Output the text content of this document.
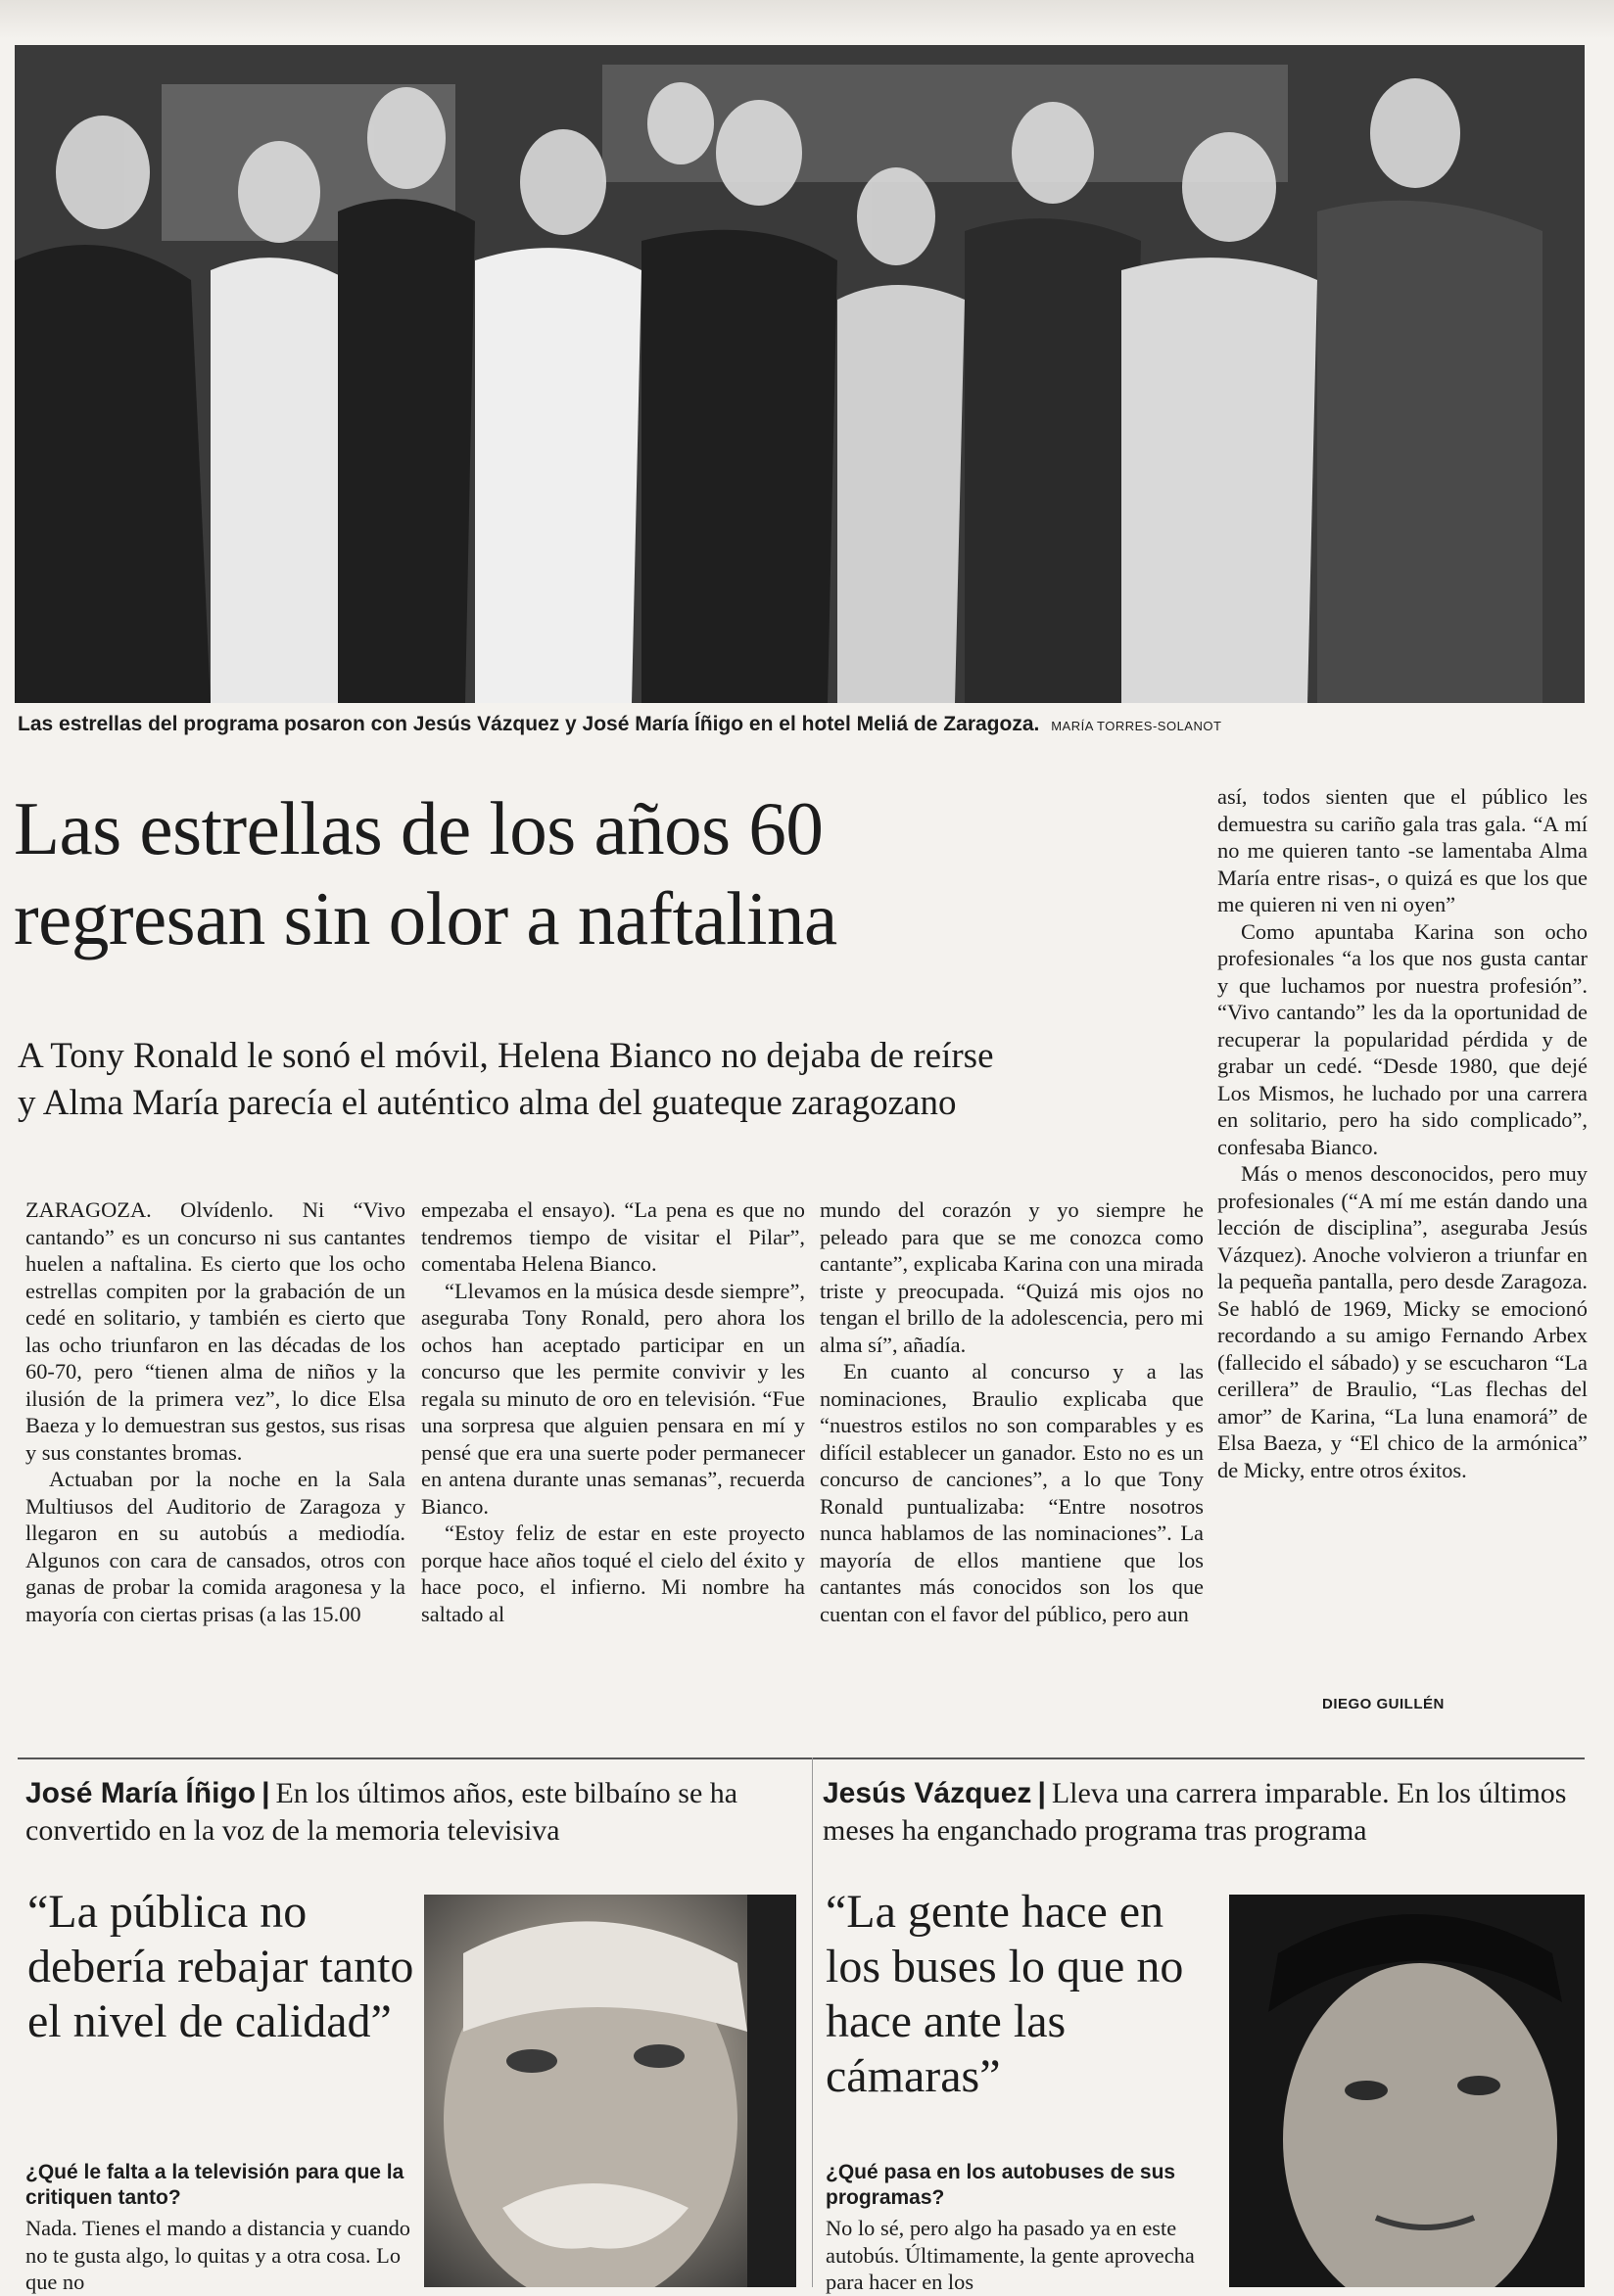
Las estrellas del programa posaron con Jesús Vázquez y José María Íñigo en el hotel Meliá de Zaragoza. MARÍA TORRES-SOLANOT
Las estrellas de los años 60
regresan sin olor a naftalina
A Tony Ronald le sonó el móvil, Helena Bianco no dejaba de reírse
y Alma María parecía el auténtico alma del guateque zaragozano

ZARAGOZA. Olvídenlo. Ni “Vivo cantando” es un concurso ni sus cantantes huelen a naftalina. Es cierto que los ocho estrellas compiten por la grabación de un cedé en solitario, y también es cierto que las ocho triunfaron en las décadas de los 60-70, pero “tienen alma de niños y la ilusión de la primera vez”, lo dice Elsa Baeza y lo demuestran sus gestos, sus risas y sus constantes bromas.

Actuaban por la noche en la Sala Multiusos del Auditorio de Zaragoza y llegaron en su autobús a mediodía. Algunos con cara de cansados, otros con ganas de probar la comida aragonesa y la mayoría con ciertas prisas (a las 15.00

empezaba el ensayo). “La pena es que no tendremos tiempo de visitar el Pilar”, comentaba Helena Bianco.

“Llevamos en la música desde siempre”, aseguraba Tony Ronald, pero ahora los ochos han aceptado participar en un concurso que les permite convivir y les regala su minuto de oro en televisión. “Fue una sorpresa que alguien pensara en mí y pensé que era una suerte poder permanecer en antena durante unas semanas”, recuerda Bianco.

“Estoy feliz de estar en este proyecto porque hace años toqué el cielo del éxito y hace poco, el infierno. Mi nombre ha saltado al

mundo del corazón y yo siempre he peleado para que se me conozca como cantante”, explicaba Karina con una mirada triste y preocupada. “Quizá mis ojos no tengan el brillo de la adolescencia, pero mi alma sí”, añadía.

En cuanto al concurso y a las nominaciones, Braulio explicaba que “nuestros estilos no son comparables y es difícil establecer un ganador. Esto no es un concurso de canciones”, a lo que Tony Ronald puntualizaba: “Entre nosotros nunca hablamos de las nominaciones”. La mayoría de ellos mantiene que los cantantes más conocidos son los que cuentan con el favor del público, pero aun

así, todos sienten que el público les demuestra su cariño gala tras gala. “A mí no me quieren tanto -se lamentaba Alma María entre risas-, o quizá es que los que me quieren ni ven ni oyen”

Como apuntaba Karina son ocho profesionales “a los que nos gusta cantar y que luchamos por nuestra profesión”. “Vivo cantando” les da la oportunidad de recuperar la popularidad pérdida y de grabar un cedé. “Desde 1980, que dejé Los Mismos, he luchado por una carrera en solitario, pero ha sido complicado”, confesaba Bianco.

Más o menos desconocidos, pero muy profesionales (“A mí me están dando una lección de disciplina”, aseguraba Jesús Vázquez). Anoche volvieron a triunfar en la pequeña pantalla, pero desde Zaragoza. Se habló de 1969, Micky se emocionó recordando a su amigo Fernando Arbex (fallecido el sábado) y se escucharon “La cerillera” de Braulio, “Las flechas del amor” de Karina, “La luna enamorá” de Elsa Baeza, y “El chico de la armónica” de Micky, entre otros éxitos.

DIEGO GUILLÉN
José María Íñigo | En los últimos años, este bilbaíno se ha convertido en la voz de la memoria televisiva
Jesús Vázquez | Lleva una carrera imparable. En los últimos meses ha enganchado programa tras programa
“La pública no debería rebajar tanto el nivel de calidad”
“La gente hace en los buses lo que no hace ante las cámaras”
¿Qué le falta a la televisión para que la critiquen tanto?
¿Qué pasa en los autobuses de sus programas?
Nada. Tienes el mando a distancia y cuando no te gusta algo, lo quitas y a otra cosa. Lo que no
No lo sé, pero algo ha pasado ya en este autobús. Últimamente, la gente aprovecha para hacer en los
